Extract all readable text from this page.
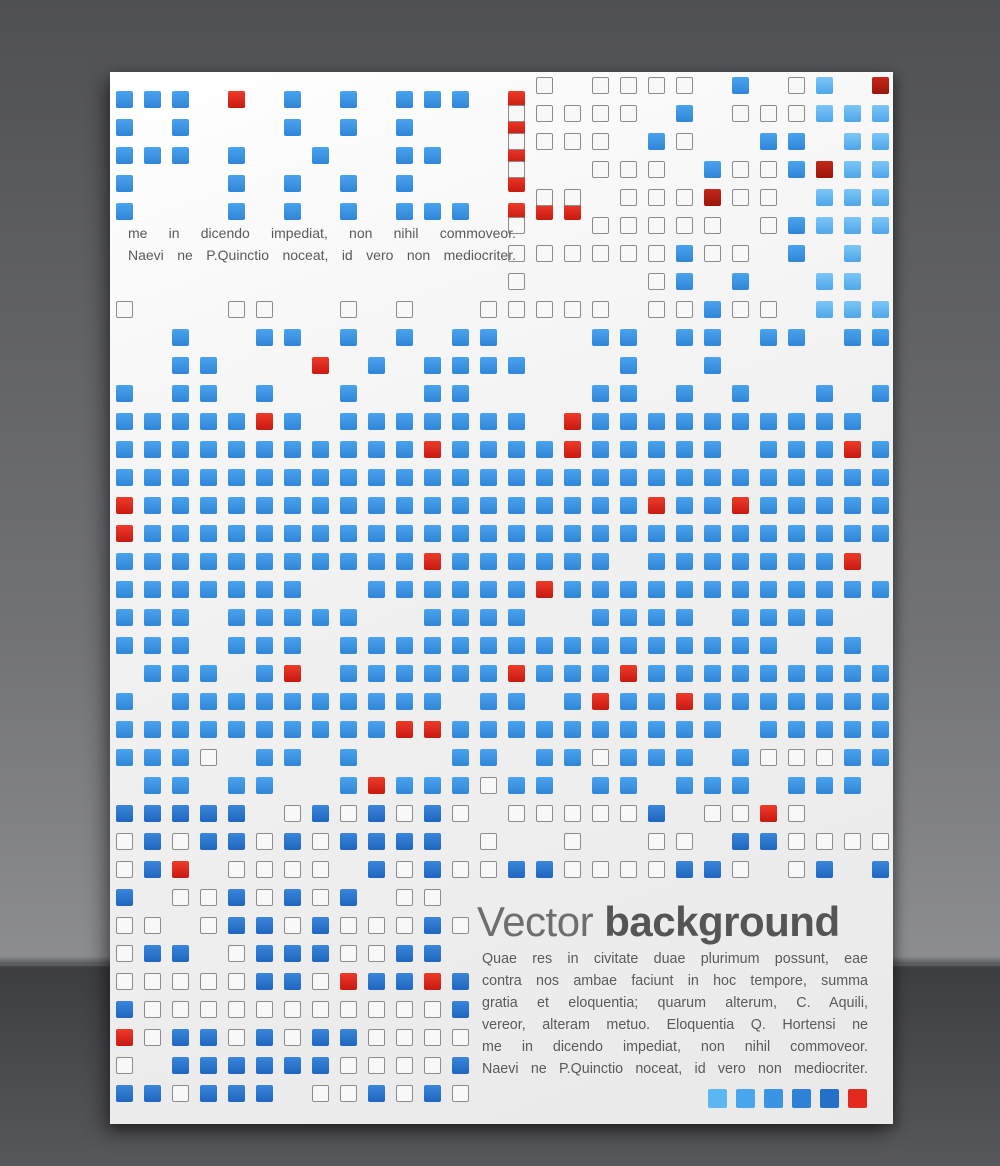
me in dicendo impediat, non nihil commoveor.
Naevi ne P.Quinctio noceat, id vero non mediocriter.
Vector background
Quae res in civitate duae plurimum possunt, eae
contra nos ambae faciunt in hoc tempore, summa
gratia et eloquentia; quarum alterum, C. Aquili,
vereor, alteram metuo. Eloquentia Q. Hortensi ne
me in dicendo impediat, non nihil commoveor.
Naevi ne P.Quinctio noceat, id vero non mediocriter.
